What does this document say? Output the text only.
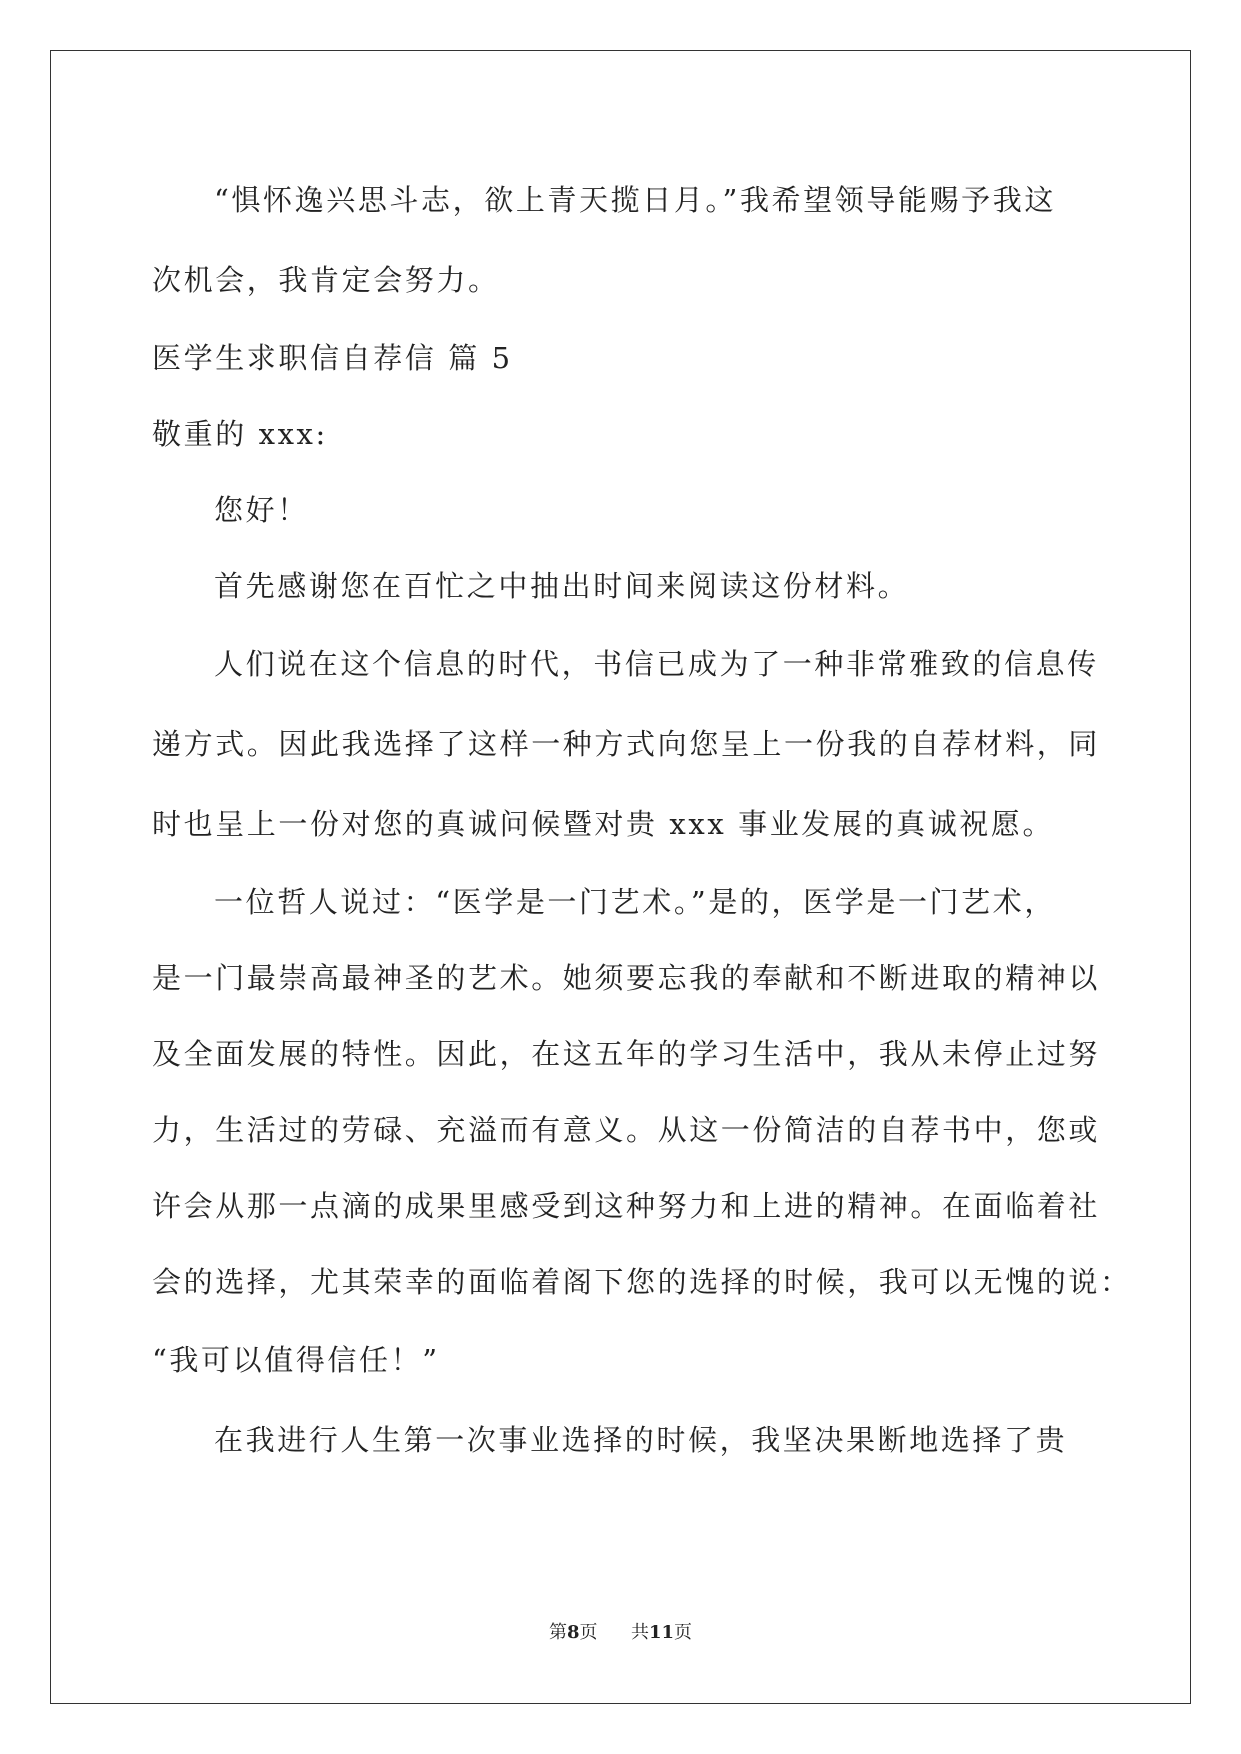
“惧怀逸兴思斗志，欲上青天揽日月。”我希望领导能赐予我这
次机会，我肯定会努力。
医学生求职信自荐信 篇 5
敬重的 xxx:
您好！
首先感谢您在百忙之中抽出时间来阅读这份材料。
人们说在这个信息的时代，书信已成为了一种非常雅致的信息传
递方式。因此我选择了这样一种方式向您呈上一份我的自荐材料，同
时也呈上一份对您的真诚问候暨对贵 xxx 事业发展的真诚祝愿。
一位哲人说过：“医学是一门艺术。”是的，医学是一门艺术，
是一门最崇高最神圣的艺术。她须要忘我的奉献和不断进取的精神以
及全面发展的特性。因此，在这五年的学习生活中，我从未停止过努
力，生活过的劳碌、充溢而有意义。从这一份简洁的自荐书中，您或
许会从那一点滴的成果里感受到这种努力和上进的精神。在面临着社
会的选择，尤其荣幸的面临着阁下您的选择的时候，我可以无愧的说：
“我可以值得信任！”
在我进行人生第一次事业选择的时候，我坚决果断地选择了贵
第8页 共11页
